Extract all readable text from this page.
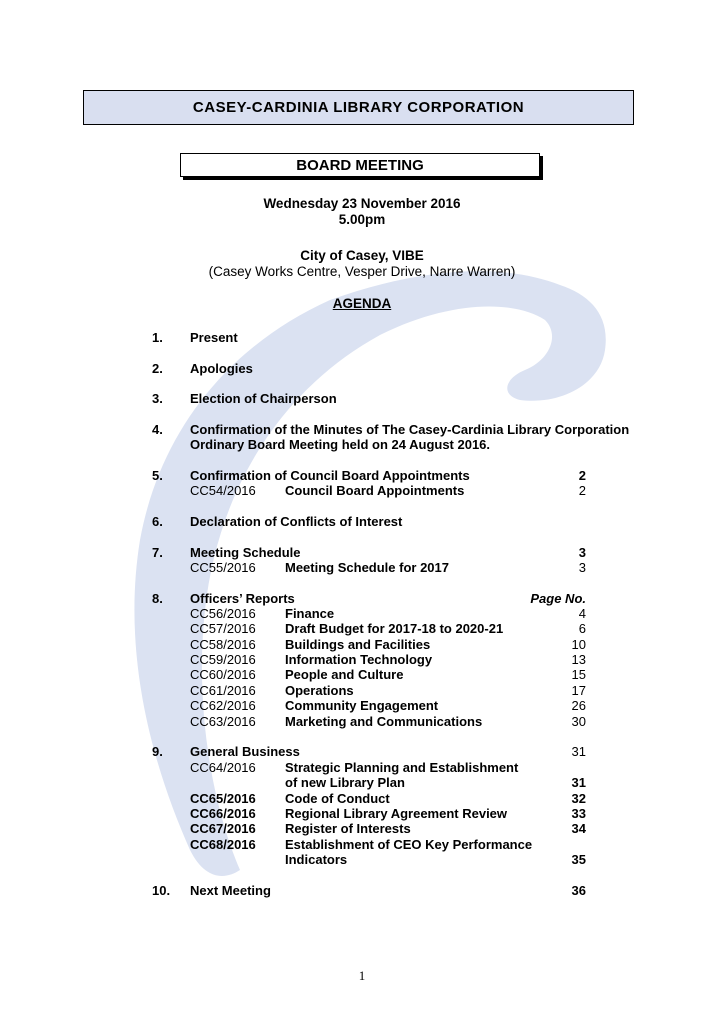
CASEY-CARDINIA LIBRARY CORPORATION
BOARD MEETING
Wednesday 23 November 2016
5.00pm
City of Casey, VIBE
(Casey Works Centre, Vesper Drive, Narre Warren)
AGENDA
1. Present
2. Apologies
3. Election of Chairperson
4. Confirmation of the Minutes of The Casey-Cardinia Library Corporation
Ordinary Board Meeting held on 24 August 2016.
5. Confirmation of Council Board Appointments	2
CC54/2016 Council Board Appointments	2
6. Declaration of Conflicts of Interest
7. Meeting Schedule	3
CC55/2016 Meeting Schedule for 2017	3
8. Officers’ Reports	Page No.
CC56/2016 Finance	4
CC57/2016 Draft Budget for 2017-18 to 2020-21	6
CC58/2016 Buildings and Facilities	10
CC59/2016 Information Technology	13
CC60/2016 People and Culture	15
CC61/2016 Operations	17
CC62/2016 Community Engagement	26
CC63/2016 Marketing and Communications	30
9. General Business	31
CC64/2016 Strategic Planning and Establishment
of new Library Plan	31
CC65/2016 Code of Conduct	32
CC66/2016 Regional Library Agreement Review	33
CC67/2016 Register of Interests	34
CC68/2016 Establishment of CEO Key Performance
Indicators	35
10. Next Meeting	36
1
